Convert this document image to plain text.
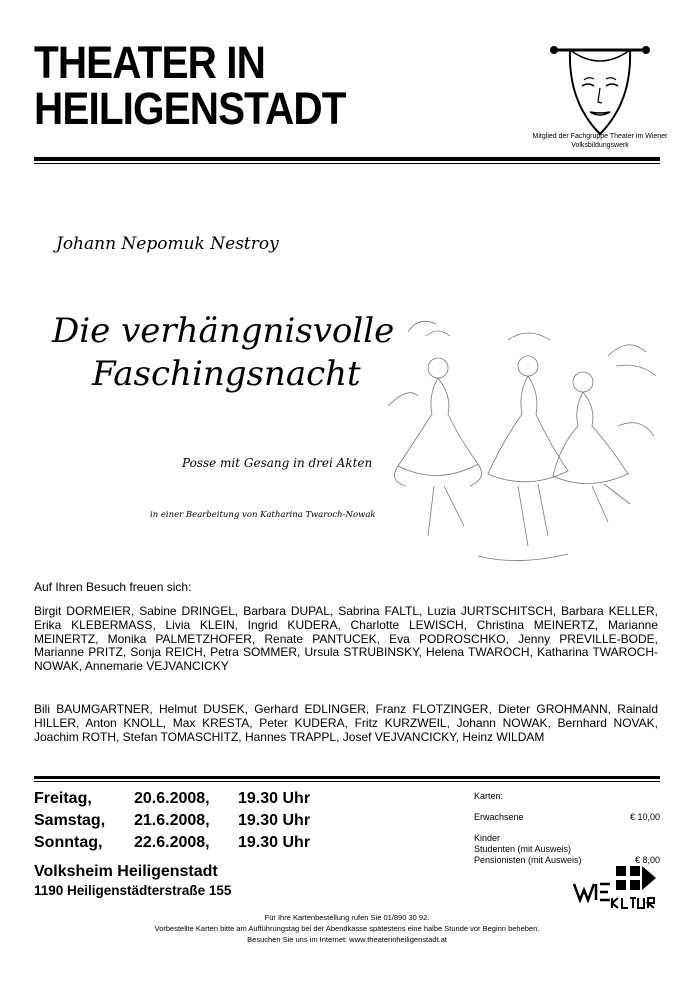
THEATER IN
HEILIGENSTADT
Mitglied der Fachgruppe Theater im Wiener Volksbildungswerk
Johann Nepomuk Nestroy
Die verhängnisvolle
Faschingsnacht
Posse mit Gesang in drei Akten
in einer Bearbeitung von Katharina Twaroch-Nowak
Auf Ihren Besuch freuen sich:

Birgit DORMEIER, Sabine DRINGEL, Barbara DUPAL, Sabrina FALTL, Luzia JURTSCHITSCH, Barbara KELLER, Erika KLEBERMASS, Livia KLEIN, Ingrid KUDERA, Charlotte LEWISCH, Christina MEINERTZ, Marianne MEINERTZ, Monika PALMETZHOFER, Renate PANTUCEK, Eva PODROSCHKO, Jenny PREVILLE-BODE, Marianne PRITZ, Sonja REICH, Petra SOMMER, Ursula STRUBINSKY, Helena TWAROCH, Katharina TWAROCH-NOWAK, Annemarie VEJVANCICKY

Bili BAUMGARTNER, Helmut DUSEK, Gerhard EDLINGER, Franz FLOTZINGER, Dieter GROHMANN, Rainald HILLER, Anton KNOLL, Max KRESTA, Peter KUDERA, Fritz KURZWEIL, Johann NOWAK, Bernhard NOVAK, Joachim ROTH, Stefan TOMASCHITZ, Hannes TRAPPL, Josef VEJVANCICKY, Heinz WILDAM

Freitag,	20.6.2008,	19.30 Uhr
Samstag,	21.6.2008,	19.30 Uhr
Sonntag,	22.6.2008,	19.30 Uhr
Volksheim Heiligenstadt
1190 Heiligenstädterstraße 155
Karten:
Erwachsene	€ 10,00
Kinder
Studenten (mit Ausweis)
Pensionisten (mit Ausweis)	€ 8,00
Für Ihre Kartenbestellung rufen Sie 01/890 30 92.
Vorbestellte Karten bitte am Aufführungstag bei der Abendkasse spätestens eine halbe Stunde vor Beginn beheben.
Besuchen Sie uns im Internet: www.theaterinheiligenstadt.at
